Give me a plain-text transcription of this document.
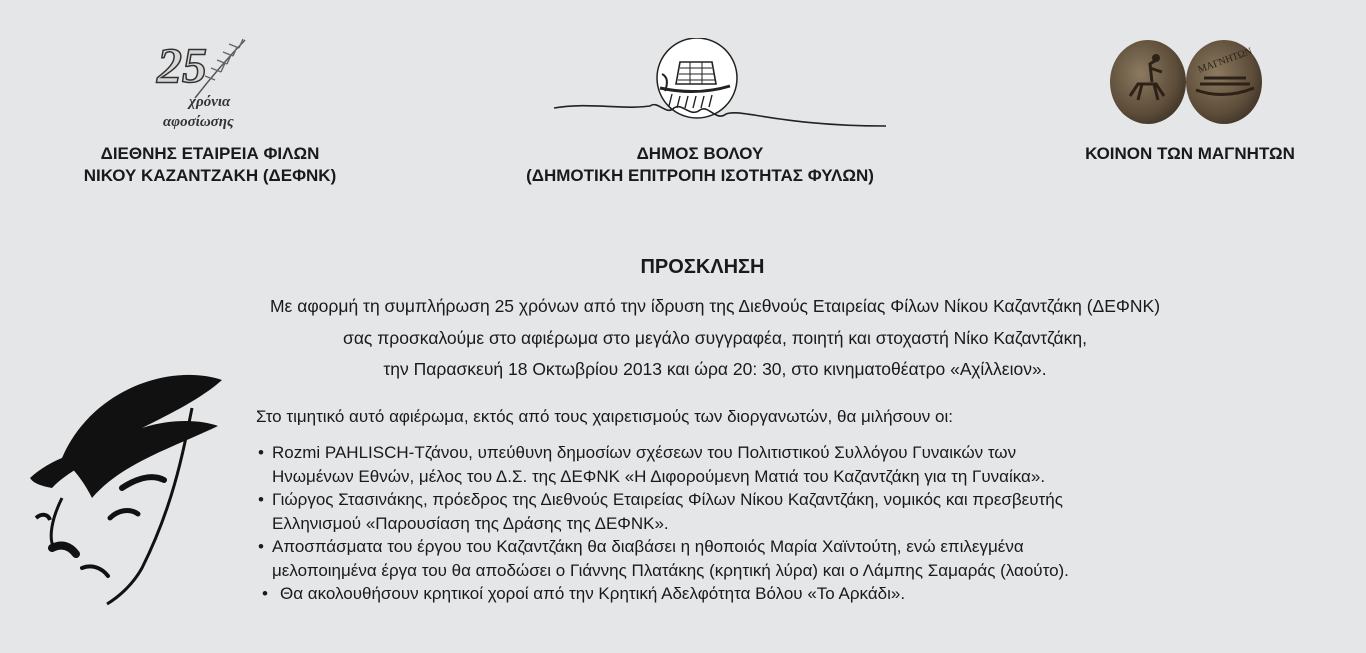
25
χρόνια
αφοσίωσης
ΔΙΕΘΝΗΣ ΕΤΑΙΡΕΙΑ ΦΙΛΩΝ
ΝΙΚΟΥ ΚΑΖΑΝΤΖΑΚΗ (ΔΕΦΝΚ)
ΔΗΜΟΣ ΒΟΛΟΥ
(ΔΗΜΟΤΙΚΗ ΕΠΙΤΡΟΠΗ ΙΣΟΤΗΤΑΣ ΦΥΛΩΝ)
ΜΑΓΝΗΤΩΝ
ΚΟΙΝΟΝ ΤΩΝ ΜΑΓΝΗΤΩΝ
ΠΡΟΣΚΛΗΣΗ
Με αφορμή τη συμπλήρωση 25 χρόνων από την ίδρυση της Διεθνούς Εταιρείας Φίλων Νίκου Καζαντζάκη (ΔΕΦΝΚ)
σας προσκαλούμε στο αφιέρωμα στο μεγάλο συγγραφέα, ποιητή και στοχαστή Νίκο Καζαντζάκη,
την Παρασκευή 18 Οκτωβρίου 2013 και ώρα 20: 30, στο κινηματοθέατρο «Αχίλλειον».
Στο τιμητικό αυτό αφιέρωμα, εκτός από τους χαιρετισμούς των διοργανωτών, θα μιλήσουν οι:
• Rozmi PAHLISCH-Τζάνου, υπεύθυνη δημοσίων σχέσεων του Πολιτιστικού Συλλόγου Γυναικών των
Ηνωμένων Εθνών, μέλος του Δ.Σ. της ΔΕΦΝΚ «Η Διφορούμενη Ματιά του Καζαντζάκη για τη Γυναίκα».
• Γιώργος Στασινάκης, πρόεδρος της Διεθνούς Εταιρείας Φίλων Νίκου Καζαντζάκη, νομικός και πρεσβευτής
Ελληνισμού «Παρουσίαση της Δράσης της ΔΕΦΝΚ».
• Αποσπάσματα του έργου του Καζαντζάκη θα διαβάσει η ηθοποιός Μαρία Χαϊντούτη, ενώ επιλεγμένα
μελοποιημένα έργα του θα αποδώσει ο Γιάννης Πλατάκης (κρητική λύρα) και ο Λάμπης Σαμαράς (λαούτο).
• Θα ακολουθήσουν κρητικοί χοροί από την Κρητική Αδελφότητα Βόλου «Το Αρκάδι».
